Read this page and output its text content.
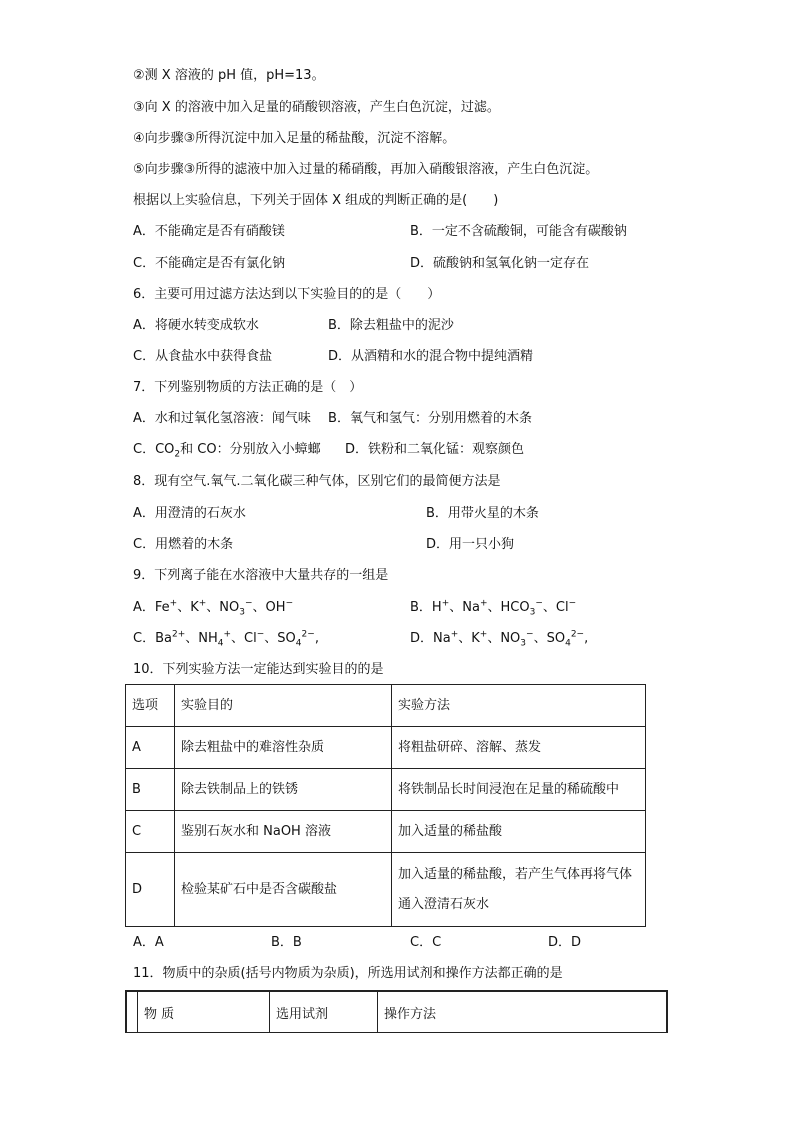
②测 X 溶液的 pH 值，pH=13。
③向 X 的溶液中加入足量的硝酸钡溶液，产生白色沉淀，过滤。
④向步骤③所得沉淀中加入足量的稀盐酸，沉淀不溶解。
⑤向步骤③所得的滤液中加入过量的稀硝酸，再加入硝酸银溶液，产生白色沉淀。
根据以上实验信息，下列关于固体 X 组成的判断正确的是(　　)
A．不能确定是否有硝酸镁	B．一定不含硫酸铜，可能含有碳酸钠
C．不能确定是否有氯化钠	D．硫酸钠和氢氧化钠一定存在
6．主要可用过滤方法达到以下实验目的的是（　　）
A．将硬水转变成软水	B．除去粗盐中的泥沙
C．从食盐水中获得食盐	D．从酒精和水的混合物中提纯酒精
7．下列鉴别物质的方法正确的是（　）
A．水和过氧化氢溶液：闻气味　 B．氧气和氢气：分别用燃着的木条
C．$CO_2$和 CO：分别放入小蟑螂 D．铁粉和二氧化锰：观察颜色
8．现有空气.氧气.二氧化碳三种气体，区别它们的最简便方法是
A．用澄清的石灰水	B．用带火星的木条
C．用燃着的木条	D．用一只小狗
9．下列离子能在水溶液中大量共存的一组是
A．Fe+、K+、$NO_3^-$、OH−	B．H+、Na+、$HCO_3^-$、Cl−
C．$Ba^{2+}$、$NH_4^+$、Cl−、$SO_4^{2-}$,	D．Na+、K+、$NO_3^-$、$SO_4^{2-}$,
10．下列实验方法一定能达到实验目的的是
选项	实验目的	实验方法
A	除去粗盐中的难溶性杂质	将粗盐研碎、溶解、蒸发
B	除去铁制品上的铁锈	将铁制品长时间浸泡在足量的稀硫酸中
C	鉴别石灰水和 NaOH 溶液	加入适量的稀盐酸
D	检验某矿石中是否含碳酸盐	加入适量的稀盐酸，若产生气体再将气体通入澄清石灰水
A．A	B．B	C．C	D．D
11．物质中的杂质(括号内物质为杂质)，所选用试剂和操作方法都正确的是
	物 质	选用试剂	操作方法
